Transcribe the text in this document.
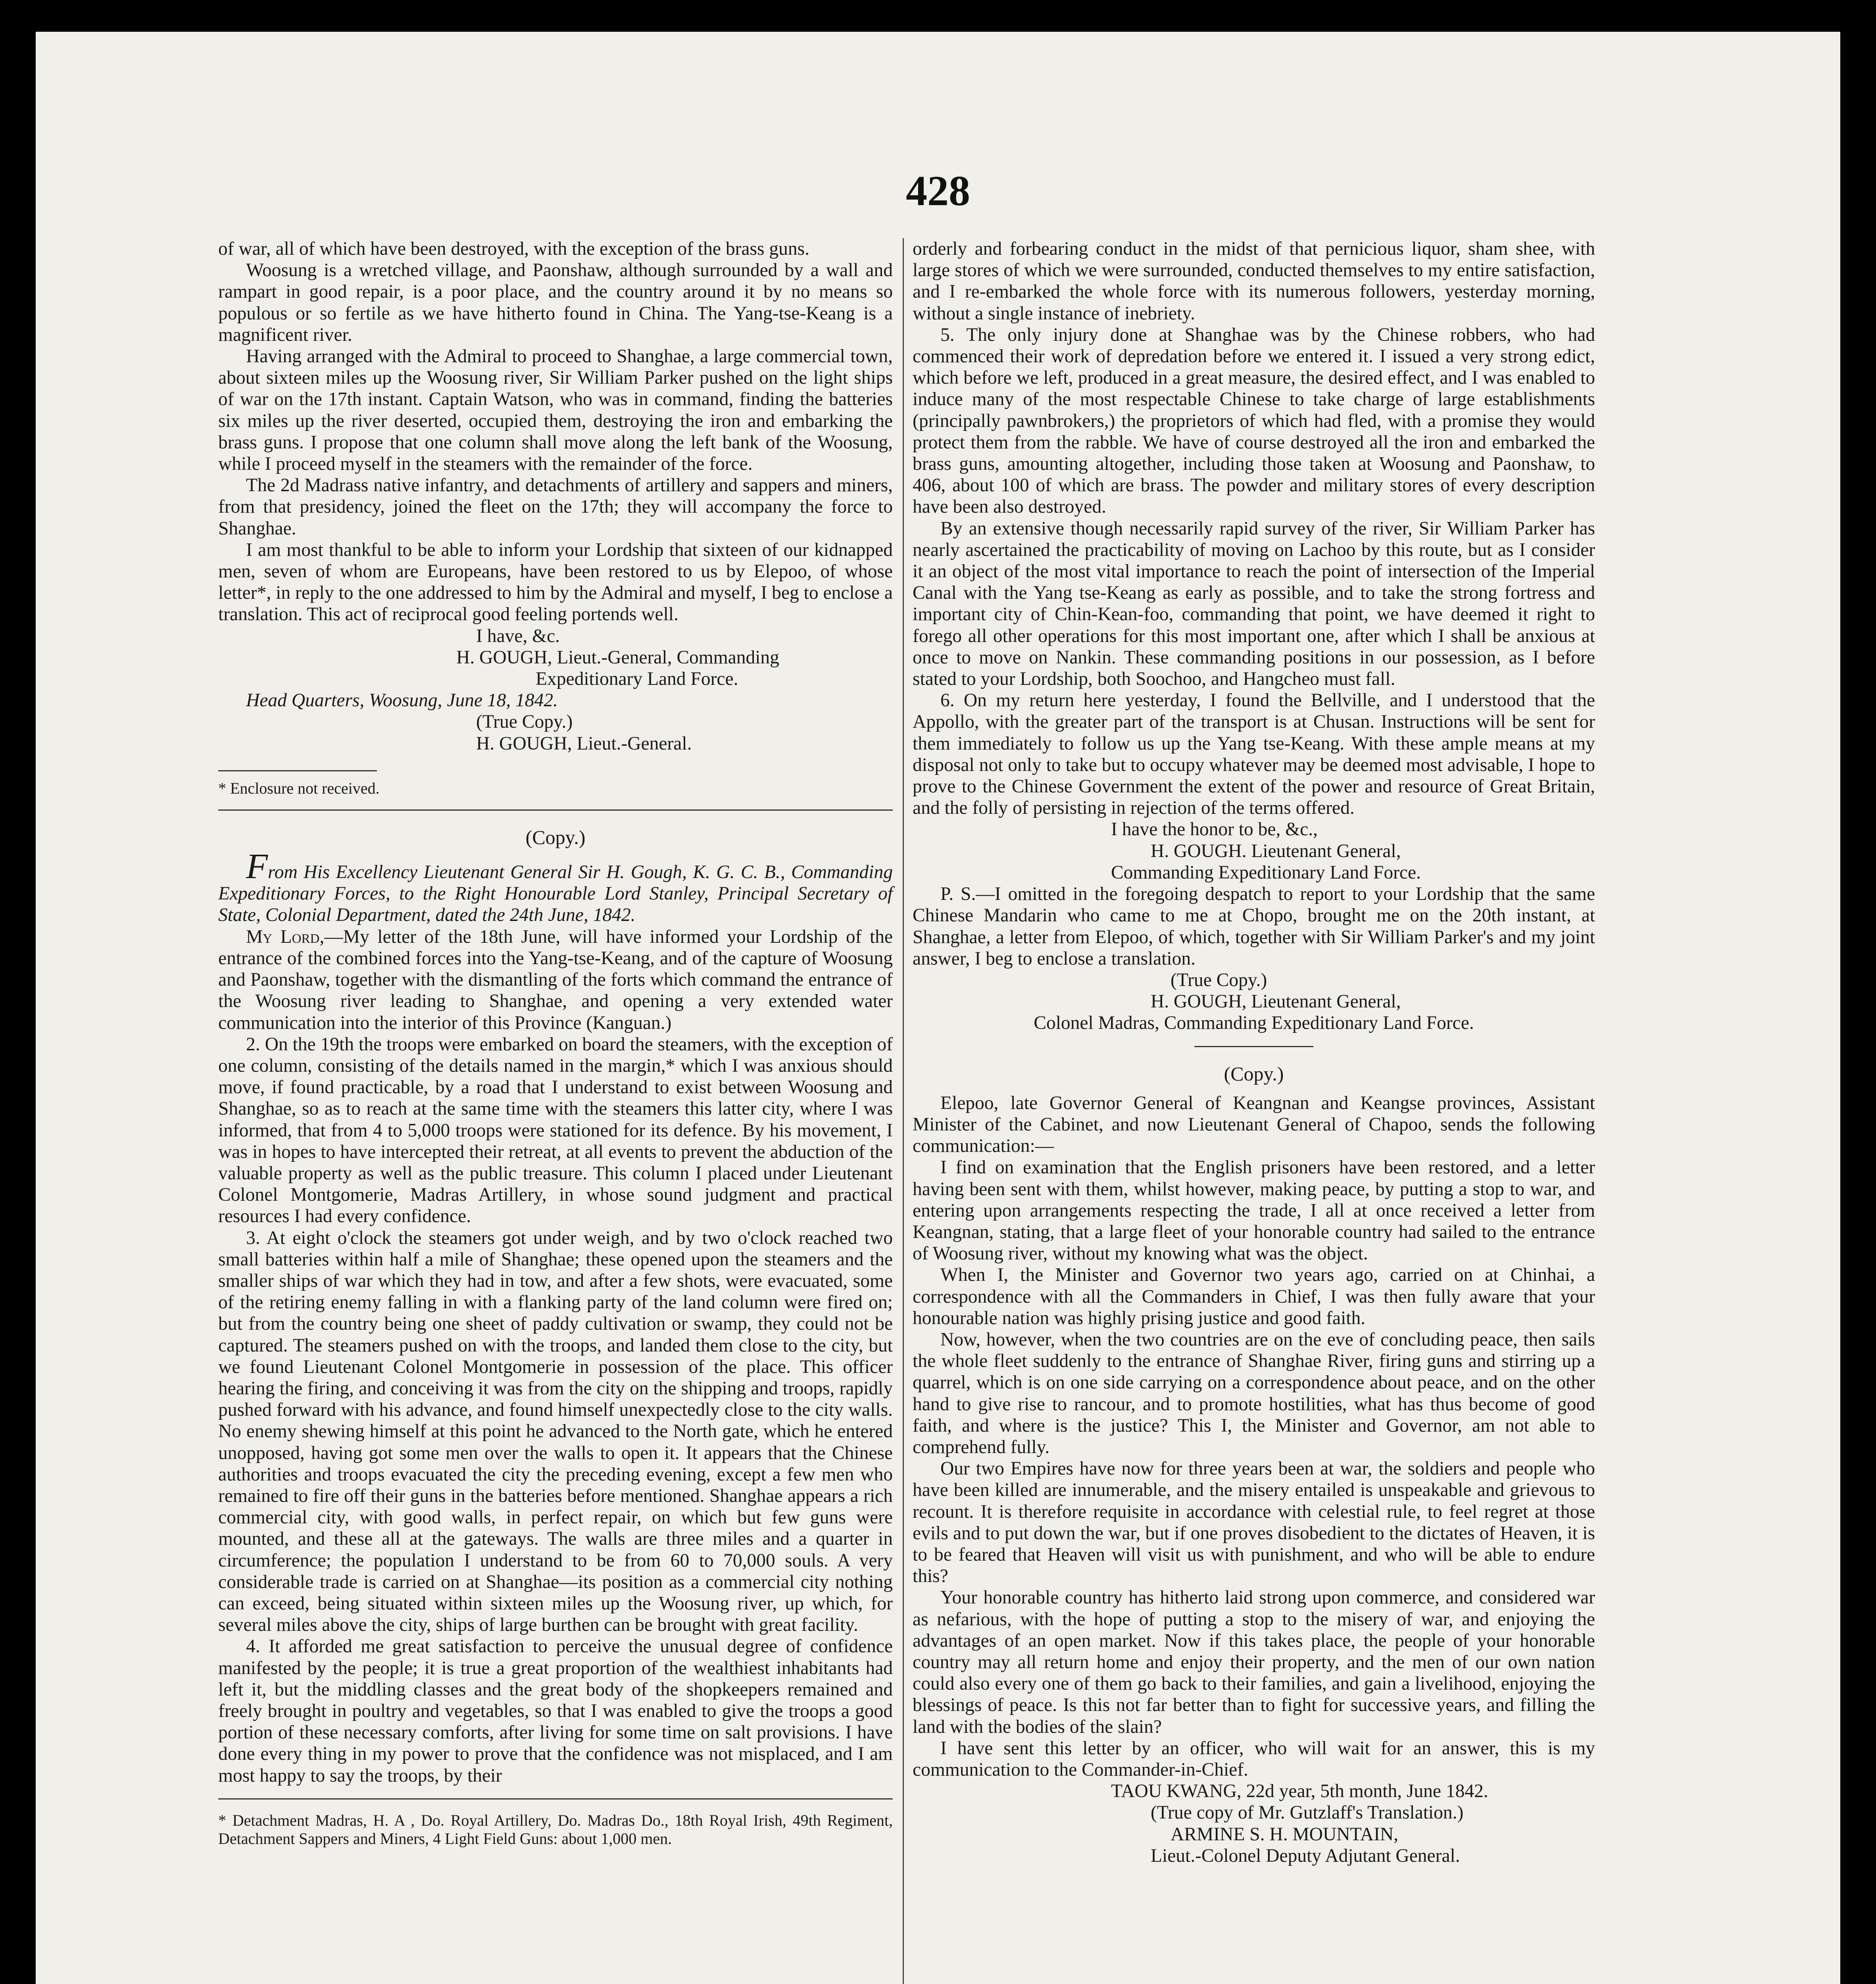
428

of war, all of which have been destroyed, with the exception of the brass guns.

Woosung is a wretched village, and Paonshaw, although surrounded by a wall and rampart in good repair, is a poor place, and the country around it by no means so populous or so fertile as we have hitherto found in China. The Yang-tse-Keang is a magnificent river.

Having arranged with the Admiral to proceed to Shanghae, a large commercial town, about sixteen miles up the Woosung river, Sir William Parker pushed on the light ships of war on the 17th instant. Captain Watson, who was in command, finding the batteries six miles up the river deserted, occupied them, destroying the iron and embarking the brass guns. I propose that one column shall move along the left bank of the Woosung, while I proceed myself in the steamers with the remainder of the force.

The 2d Madrass native infantry, and detachments of artillery and sappers and miners, from that presidency, joined the fleet on the 17th; they will accompany the force to Shanghae.

I am most thankful to be able to inform your Lordship that sixteen of our kidnapped men, seven of whom are Europeans, have been restored to us by Elepoo, of whose letter*, in reply to the one addressed to him by the Admiral and myself, I beg to enclose a translation. This act of reciprocal good feeling portends well.

I have, &c.

H. GOUGH, Lieut.-General, Commanding

Expeditionary Land Force.

Head Quarters, Woosung, June 18, 1842.

(True Copy.)

H. GOUGH, Lieut.-General.

* Enclosure not received.

(Copy.)

From His Excellency Lieutenant General Sir H. Gough, K. G. C. B., Commanding Expeditionary Forces, to the Right Honourable Lord Stanley, Principal Secretary of State, Colonial Department, dated the 24th June, 1842.

My Lord,—My letter of the 18th June, will have informed your Lordship of the entrance of the combined forces into the Yang-tse-Keang, and of the capture of Woosung and Paonshaw, together with the dismantling of the forts which command the entrance of the Woosung river leading to Shanghae, and opening a very extended water communication into the interior of this Province (Kanguan.)

2. On the 19th the troops were embarked on board the steamers, with the exception of one column, consisting of the details named in the margin,* which I was anxious should move, if found practicable, by a road that I understand to exist between Woosung and Shanghae, so as to reach at the same time with the steamers this latter city, where I was informed, that from 4 to 5,000 troops were stationed for its defence. By his movement, I was in hopes to have intercepted their retreat, at all events to prevent the abduction of the valuable property as well as the public treasure. This column I placed under Lieutenant Colonel Montgomerie, Madras Artillery, in whose sound judgment and practical resources I had every confidence.

3. At eight o'clock the steamers got under weigh, and by two o'clock reached two small batteries within half a mile of Shanghae; these opened upon the steamers and the smaller ships of war which they had in tow, and after a few shots, were evacuated, some of the retiring enemy falling in with a flanking party of the land column were fired on; but from the country being one sheet of paddy cultivation or swamp, they could not be captured. The steamers pushed on with the troops, and landed them close to the city, but we found Lieutenant Colonel Montgomerie in possession of the place. This officer hearing the firing, and conceiving it was from the city on the shipping and troops, rapidly pushed forward with his advance, and found himself unexpectedly close to the city walls. No enemy shewing himself at this point he advanced to the North gate, which he entered unopposed, having got some men over the walls to open it. It appears that the Chinese authorities and troops evacuated the city the preceding evening, except a few men who remained to fire off their guns in the batteries before mentioned. Shanghae appears a rich commercial city, with good walls, in perfect repair, on which but few guns were mounted, and these all at the gateways. The walls are three miles and a quarter in circumference; the population I understand to be from 60 to 70,000 souls. A very considerable trade is carried on at Shanghae—its position as a commercial city nothing can exceed, being situated within sixteen miles up the Woosung river, up which, for several miles above the city, ships of large burthen can be brought with great facility.

4. It afforded me great satisfaction to perceive the unusual degree of confidence manifested by the people; it is true a great proportion of the wealthiest inhabitants had left it, but the middling classes and the great body of the shopkeepers remained and freely brought in poultry and vegetables, so that I was enabled to give the troops a good portion of these necessary comforts, after living for some time on salt provisions. I have done every thing in my power to prove that the confidence was not misplaced, and I am most happy to say the troops, by their

* Detachment Madras, H. A , Do. Royal Artillery, Do. Madras Do., 18th Royal Irish, 49th Regiment, Detachment Sappers and Miners, 4 Light Field Guns: about 1,000 men.

orderly and forbearing conduct in the midst of that pernicious liquor, sham shee, with large stores of which we were surrounded, conducted themselves to my entire satisfaction, and I re-embarked the whole force with its numerous followers, yesterday morning, without a single instance of inebriety.

5. The only injury done at Shanghae was by the Chinese robbers, who had commenced their work of depredation before we entered it. I issued a very strong edict, which before we left, produced in a great measure, the desired effect, and I was enabled to induce many of the most respectable Chinese to take charge of large establishments (principally pawnbrokers,) the proprietors of which had fled, with a promise they would protect them from the rabble. We have of course destroyed all the iron and embarked the brass guns, amounting altogether, including those taken at Woosung and Paonshaw, to 406, about 100 of which are brass. The powder and military stores of every description have been also destroyed.

By an extensive though necessarily rapid survey of the river, Sir William Parker has nearly ascertained the practicability of moving on Lachoo by this route, but as I consider it an object of the most vital importance to reach the point of intersection of the Imperial Canal with the Yang tse-Keang as early as possible, and to take the strong fortress and important city of Chin-Kean-foo, commanding that point, we have deemed it right to forego all other operations for this most important one, after which I shall be anxious at once to move on Nankin. These commanding positions in our possession, as I before stated to your Lordship, both Soochoo, and Hangcheo must fall.

6. On my return here yesterday, I found the Bellville, and I understood that the Appollo, with the greater part of the transport is at Chusan. Instructions will be sent for them immediately to follow us up the Yang tse-Keang. With these ample means at my disposal not only to take but to occupy whatever may be deemed most advisable, I hope to prove to the Chinese Government the extent of the power and resource of Great Britain, and the folly of persisting in rejection of the terms offered.

I have the honor to be, &c.,

H. GOUGH. Lieutenant General,

Commanding Expeditionary Land Force.

P. S.—I omitted in the foregoing despatch to report to your Lordship that the same Chinese Mandarin who came to me at Chopo, brought me on the 20th instant, at Shanghae, a letter from Elepoo, of which, together with Sir William Parker's and my joint answer, I beg to enclose a translation.

(True Copy.)

H. GOUGH, Lieutenant General,

Colonel Madras, Commanding Expeditionary Land Force.

(Copy.)

Elepoo, late Governor General of Keangnan and Keangse provinces, Assistant Minister of the Cabinet, and now Lieutenant General of Chapoo, sends the following communication:—

I find on examination that the English prisoners have been restored, and a letter having been sent with them, whilst however, making peace, by putting a stop to war, and entering upon arrangements respecting the trade, I all at once received a letter from Keangnan, stating, that a large fleet of your honorable country had sailed to the entrance of Woosung river, without my knowing what was the object.

When I, the Minister and Governor two years ago, carried on at Chinhai, a correspondence with all the Commanders in Chief, I was then fully aware that your honourable nation was highly prising justice and good faith.

Now, however, when the two countries are on the eve of concluding peace, then sails the whole fleet suddenly to the entrance of Shanghae River, firing guns and stirring up a quarrel, which is on one side carrying on a correspondence about peace, and on the other hand to give rise to rancour, and to promote hostilities, what has thus become of good faith, and where is the justice? This I, the Minister and Governor, am not able to comprehend fully.

Our two Empires have now for three years been at war, the soldiers and people who have been killed are innumerable, and the misery entailed is unspeakable and grievous to recount. It is therefore requisite in accordance with celestial rule, to feel regret at those evils and to put down the war, but if one proves disobedient to the dictates of Heaven, it is to be feared that Heaven will visit us with punishment, and who will be able to endure this?

Your honorable country has hitherto laid strong upon commerce, and considered war as nefarious, with the hope of putting a stop to the misery of war, and enjoying the advantages of an open market. Now if this takes place, the people of your honorable country may all return home and enjoy their property, and the men of our own nation could also every one of them go back to their families, and gain a livelihood, enjoying the blessings of peace. Is this not far better than to fight for successive years, and filling the land with the bodies of the slain?

I have sent this letter by an officer, who will wait for an answer, this is my communication to the Commander-in-Chief.

TAOU KWANG, 22d year, 5th month, June 1842.

(True copy of Mr. Gutzlaff's Translation.)

ARMINE S. H. MOUNTAIN,

Lieut.-Colonel Deputy Adjutant General.
